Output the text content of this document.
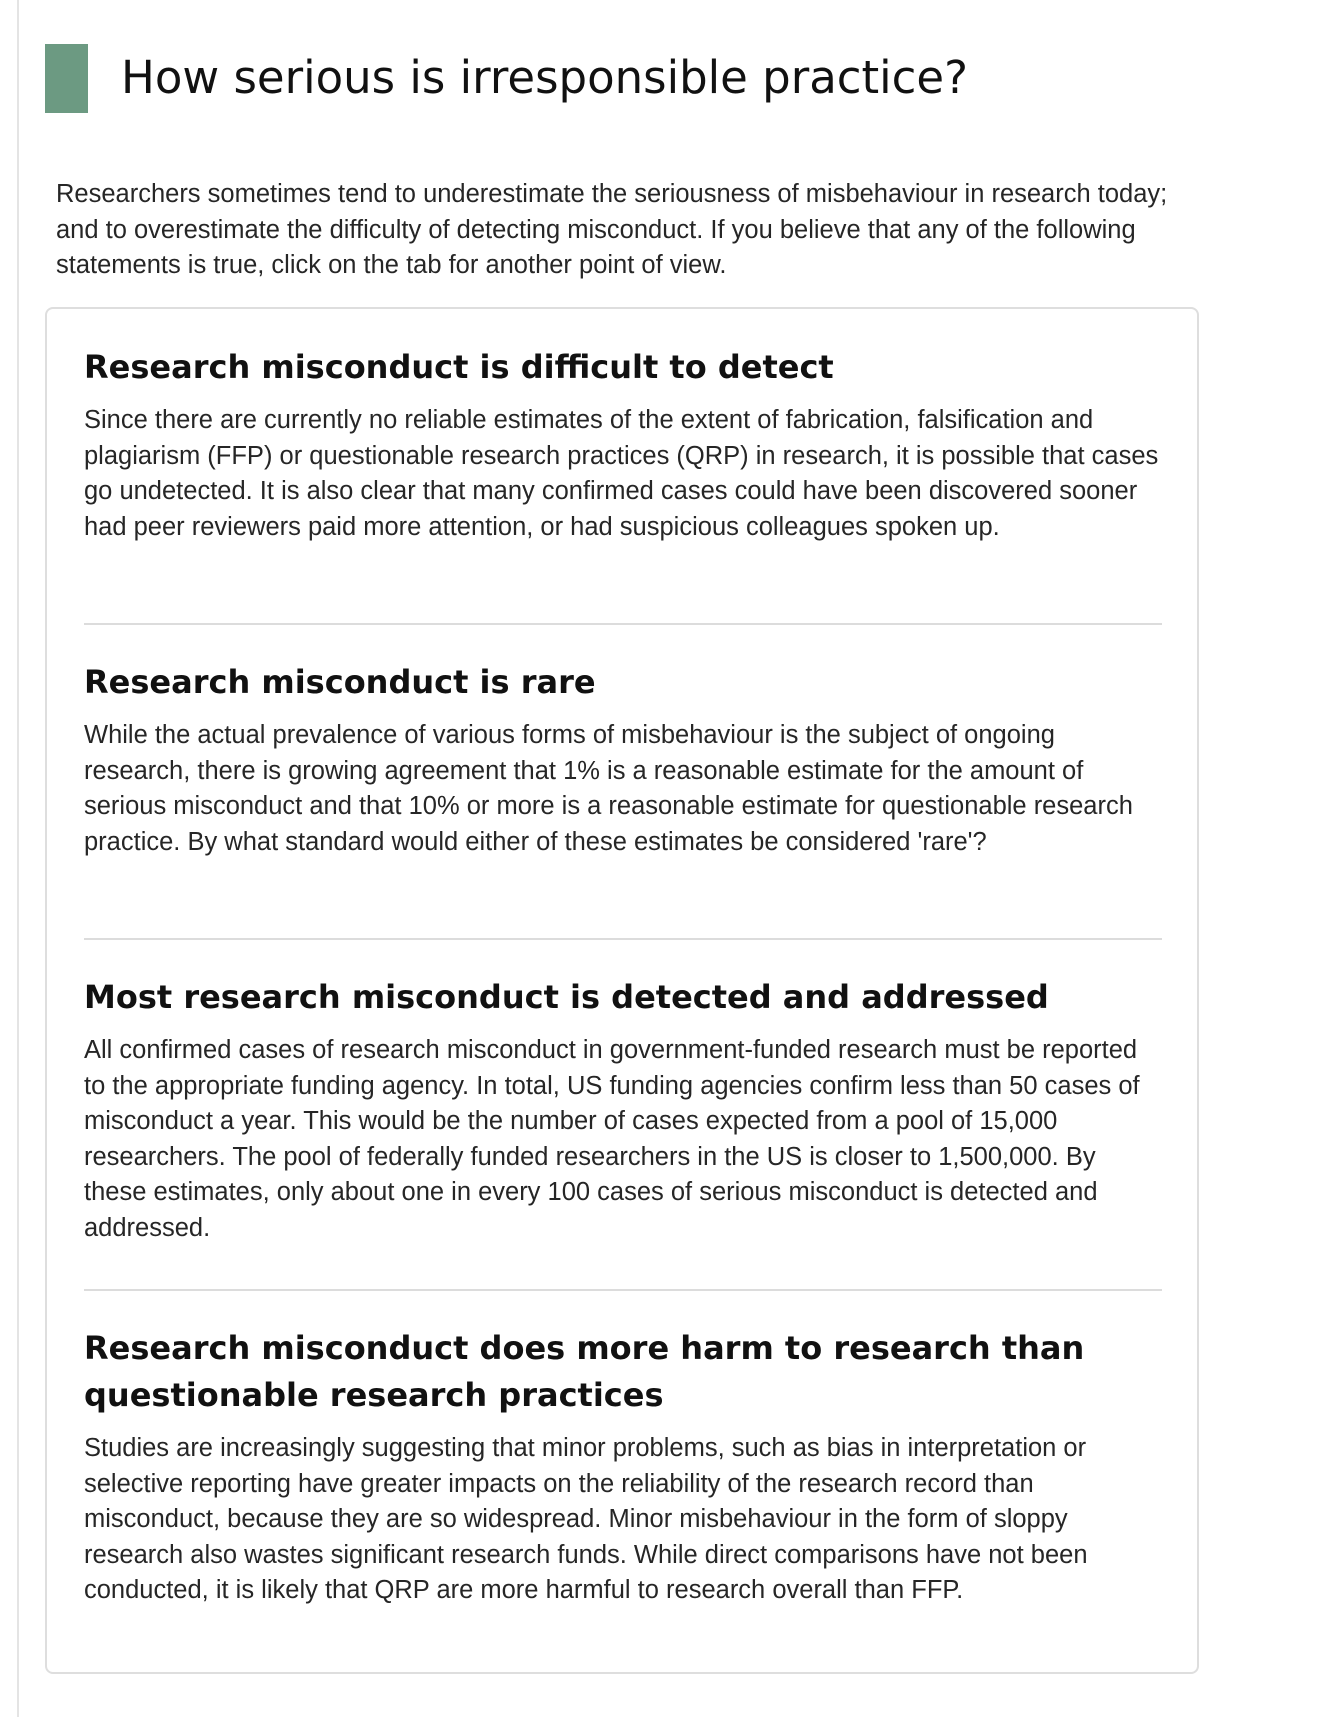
How serious is irresponsible practice?

Researchers sometimes tend to underestimate the seriousness of misbehaviour in research today; and to overestimate the difficulty of detecting misconduct. If you believe that any of the following statements is true, click on the tab for another point of view.

Research misconduct is difficult to detect

Since there are currently no reliable estimates of the extent of fabrication, falsification and plagiarism (FFP) or questionable research practices (QRP) in research, it is possible that cases go undetected. It is also clear that many confirmed cases could have been discovered sooner had peer reviewers paid more attention, or had suspicious colleagues spoken up.

Research misconduct is rare

While the actual prevalence of various forms of misbehaviour is the subject of ongoing research, there is growing agreement that 1% is a reasonable estimate for the amount of serious misconduct and that 10% or more is a reasonable estimate for questionable research practice. By what standard would either of these estimates be considered 'rare'?

Most research misconduct is detected and addressed

All confirmed cases of research misconduct in government-funded research must be reported to the appropriate funding agency. In total, US funding agencies confirm less than 50 cases of misconduct a year. This would be the number of cases expected from a pool of 15,000 researchers. The pool of federally funded researchers in the US is closer to 1,500,000. By these estimates, only about one in every 100 cases of serious misconduct is detected and addressed.

Research misconduct does more harm to research than questionable research practices

Studies are increasingly suggesting that minor problems, such as bias in interpretation or selective reporting have greater impacts on the reliability of the research record than misconduct, because they are so widespread. Minor misbehaviour in the form of sloppy research also wastes significant research funds. While direct comparisons have not been conducted, it is likely that QRP are more harmful to research overall than FFP.
